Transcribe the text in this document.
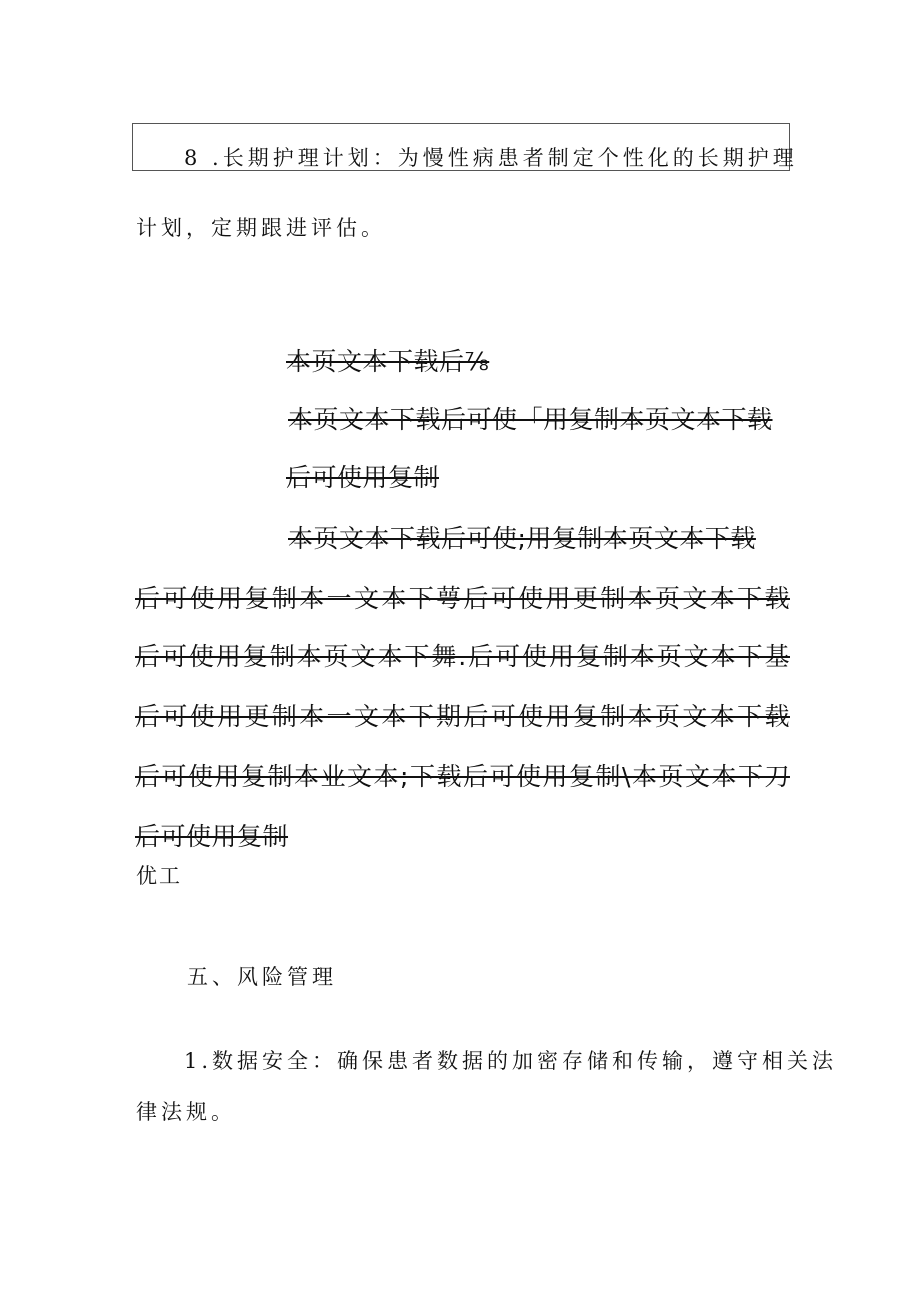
8 .长期护理计划：为慢性病患者制定个性化的长期护理
计划，定期跟进评估。
本页文本下载后⅞
本页文本下载后可使「用复制本页文本下载
后可使用复制
本页文本下载后可使;用复制本页文本下载
后可使用复制本一文本下萼后可使用更制本页文本下载
后可使用复制本页文本下舞.后可使用复制本页文本下基
后可使用更制本一文本下期后可使用复制本页文本下载
后可使用复制本业文本;下载后可使用复制\本页文本下刀
后可使用复制
优工
五、风险管理
1.数据安全：确保患者数据的加密存储和传输，遵守相关法
律法规。
